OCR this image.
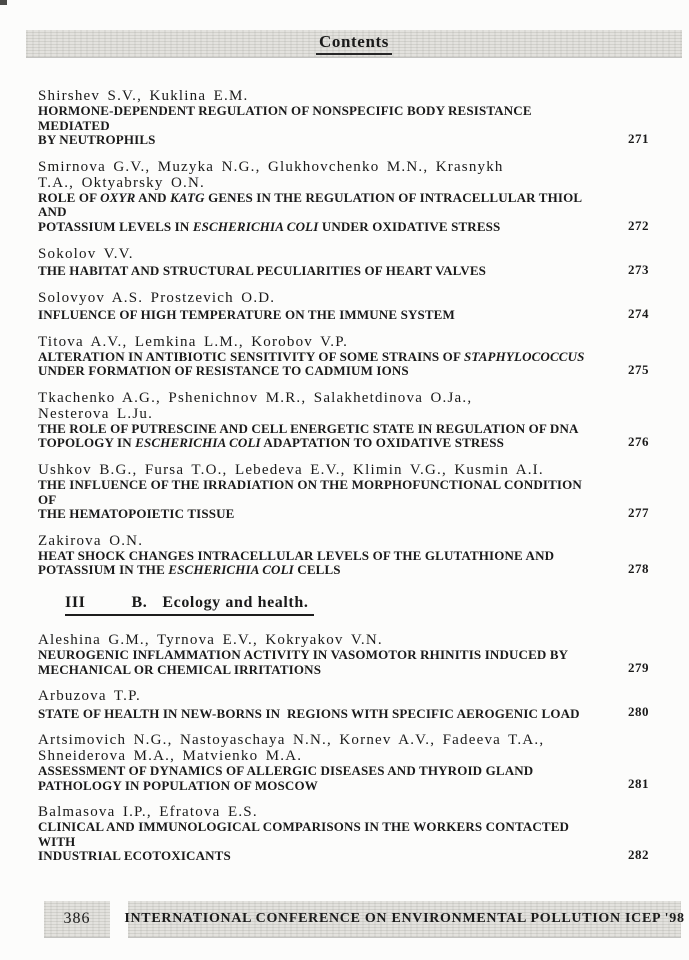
Contents
Shirshev S.V., Kuklina E.M.
HORMONE-DEPENDENT REGULATION OF NONSPECIFIC BODY RESISTANCE MEDIATED
BY NEUTROPHILS	271
Smirnova G.V., Muzyka N.G., Glukhovchenko M.N., Krasnykh
T.A., Oktyabrsky O.N.
ROLE OF OXYR AND KATG GENES IN THE REGULATION OF INTRACELLULAR THIOL AND
POTASSIUM LEVELS IN ESCHERICHIA COLI UNDER OXIDATIVE STRESS	272
Sokolov V.V.
THE HABITAT AND STRUCTURAL PECULIARITIES OF HEART VALVES	273
Solovyov A.S. Prostzevich O.D.
INFLUENCE OF HIGH TEMPERATURE ON THE IMMUNE SYSTEM	274
Titova A.V., Lemkina L.M., Korobov V.P.
ALTERATION IN ANTIBIOTIC SENSITIVITY OF SOME STRAINS OF STAPHYLOCOCCUS
UNDER FORMATION OF RESISTANCE TO CADMIUM IONS	275
Tkachenko A.G., Pshenichnov M.R., Salakhetdinova O.Ja.,
Nesterova L.Ju.
THE ROLE OF PUTRESCINE AND CELL ENERGETIC STATE IN REGULATION OF DNA
TOPOLOGY IN ESCHERICHIA COLI ADAPTATION TO OXIDATIVE STRESS	276
Ushkov B.G., Fursa T.O., Lebedeva E.V., Klimin V.G., Kusmin A.I.
THE INFLUENCE OF THE IRRADIATION ON THE MORPHOFUNCTIONAL CONDITION OF
THE HEMATOPOIETIC TISSUE	277
Zakirova O.N.
HEAT SHOCK CHANGES INTRACELLULAR LEVELS OF THE GLUTATHIONE AND
POTASSIUM IN THE ESCHERICHIA COLI CELLS	278
III	B. Ecology and health.
Aleshina G.M., Tyrnova E.V., Kokryakov V.N.
NEUROGENIC INFLAMMATION ACTIVITY IN VASOMOTOR RHINITIS INDUCED BY
MECHANICAL OR CHEMICAL IRRITATIONS	279
Arbuzova T.P.
STATE OF HEALTH IN NEW-BORNS IN  REGIONS WITH SPECIFIC AEROGENIC LOAD	280
Artsimovich N.G., Nastoyaschaya N.N., Kornev A.V., Fadeeva T.A.,
Shneiderova M.A., Matvienko M.A.
ASSESSMENT OF DYNAMICS OF ALLERGIC DISEASES AND THYROID GLAND
PATHOLOGY IN POPULATION OF MOSCOW	281
Balmasova I.P., Efratova E.S.
CLINICAL AND IMMUNOLOGICAL COMPARISONS IN THE WORKERS CONTACTED WITH
INDUSTRIAL ECOTOXICANTS	282
386 INTERNATIONAL CONFERENCE ON ENVIRONMENTAL POLLUTION ICEP '98
